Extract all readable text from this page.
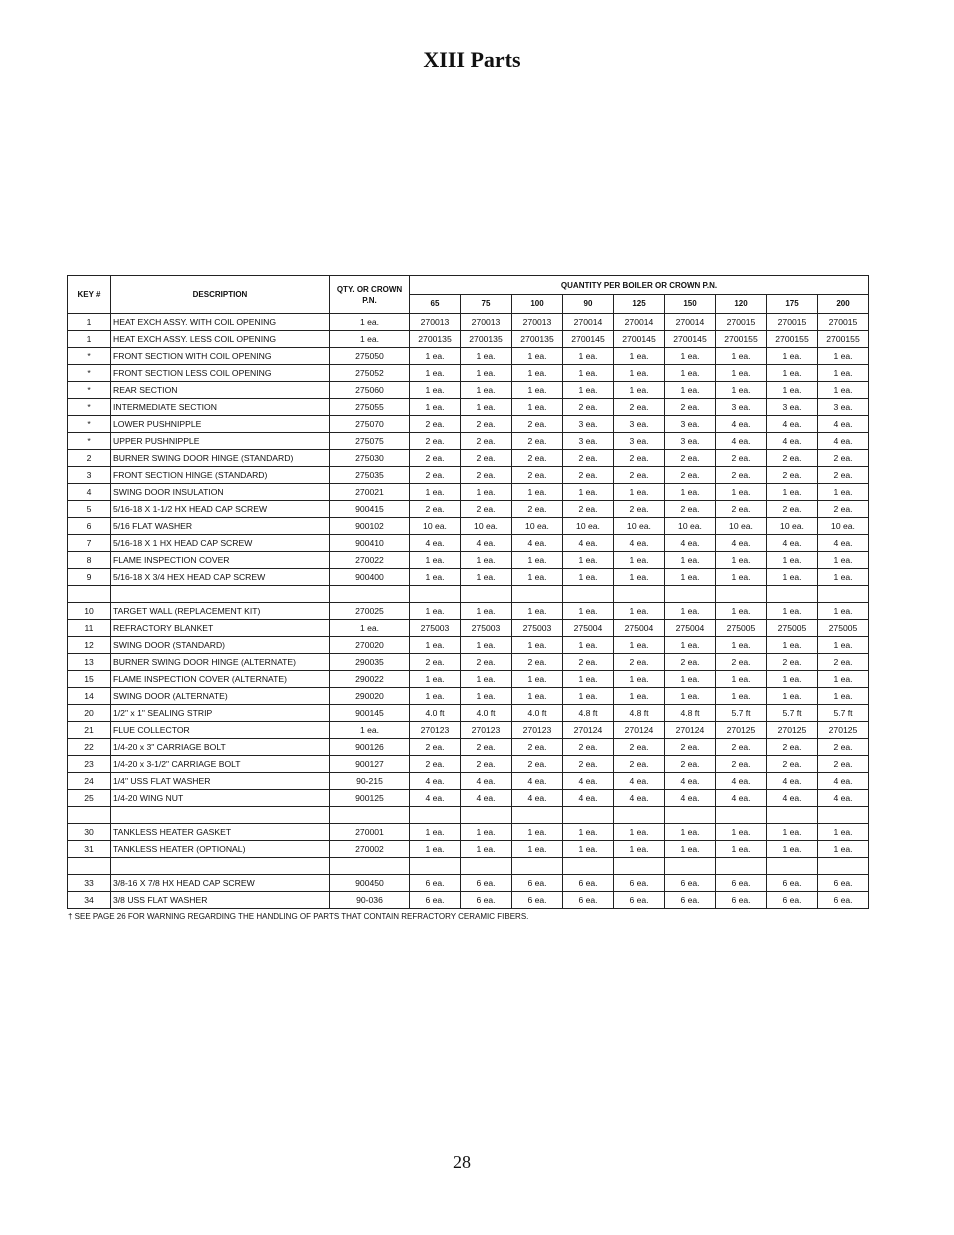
XIII Parts
KEY #	DESCRIPTION	QTY. OR CROWN
P.N.	QUANTITY PER BOILER OR CROWN P.N.								
			65	75	100	90	125	150	120	175	200
1	HEAT EXCH ASSY. WITH COIL OPENING	1 ea.	270013	270013	270013	270014	270014	270014	270015	270015	270015
1	HEAT EXCH ASSY. LESS COIL OPENING	1 ea.	2700135	2700135	2700135	2700145	2700145	2700145	2700155	2700155	2700155
*	FRONT SECTION WITH COIL OPENING	275050	1 ea.	1 ea.	1 ea.	1 ea.	1 ea.	1 ea.	1 ea.	1 ea.	1 ea.
*	FRONT SECTION LESS COIL OPENING	275052	1 ea.	1 ea.	1 ea.	1 ea.	1 ea.	1 ea.	1 ea.	1 ea.	1 ea.
*	REAR SECTION	275060	1 ea.	1 ea.	1 ea.	1 ea.	1 ea.	1 ea.	1 ea.	1 ea.	1 ea.
*	INTERMEDIATE SECTION	275055	1 ea.	1 ea.	1 ea.	2 ea.	2 ea.	2 ea.	3 ea.	3 ea.	3 ea.
*	LOWER PUSHNIPPLE	275070	2 ea.	2 ea.	2 ea.	3 ea.	3 ea.	3 ea.	4 ea.	4 ea.	4 ea.
*	UPPER PUSHNIPPLE	275075	2 ea.	2 ea.	2 ea.	3 ea.	3 ea.	3 ea.	4 ea.	4 ea.	4 ea.
2	BURNER SWING DOOR HINGE (STANDARD)	275030	2 ea.	2 ea.	2 ea.	2 ea.	2 ea.	2 ea.	2 ea.	2 ea.	2 ea.
3	FRONT SECTION HINGE (STANDARD)	275035	2 ea.	2 ea.	2 ea.	2 ea.	2 ea.	2 ea.	2 ea.	2 ea.	2 ea.
4	SWING DOOR INSULATION	270021	1 ea.	1 ea.	1 ea.	1 ea.	1 ea.	1 ea.	1 ea.	1 ea.	1 ea.
5	5/16-18 X 1-1/2 HX HEAD CAP SCREW	900415	2 ea.	2 ea.	2 ea.	2 ea.	2 ea.	2 ea.	2 ea.	2 ea.	2 ea.
6	5/16 FLAT WASHER	900102	10 ea.	10 ea.	10 ea.	10 ea.	10 ea.	10 ea.	10 ea.	10 ea.	10 ea.
7	5/16-18 X 1 HX HEAD CAP SCREW	900410	4 ea.	4 ea.	4 ea.	4 ea.	4 ea.	4 ea.	4 ea.	4 ea.	4 ea.
8	FLAME INSPECTION COVER	270022	1 ea.	1 ea.	1 ea.	1 ea.	1 ea.	1 ea.	1 ea.	1 ea.	1 ea.
9	5/16-18 X 3/4 HEX HEAD CAP SCREW	900400	1 ea.	1 ea.	1 ea.	1 ea.	1 ea.	1 ea.	1 ea.	1 ea.	1 ea.

10	TARGET WALL (REPLACEMENT KIT)	270025	1 ea.	1 ea.	1 ea.	1 ea.	1 ea.	1 ea.	1 ea.	1 ea.	1 ea.
11	REFRACTORY BLANKET	1 ea.	275003	275003	275003	275004	275004	275004	275005	275005	275005
12	SWING DOOR (STANDARD)	270020	1 ea.	1 ea.	1 ea.	1 ea.	1 ea.	1 ea.	1 ea.	1 ea.	1 ea.
13	BURNER SWING DOOR HINGE (ALTERNATE)	290035	2 ea.	2 ea.	2 ea.	2 ea.	2 ea.	2 ea.	2 ea.	2 ea.	2 ea.
15	FLAME INSPECTION COVER (ALTERNATE)	290022	1 ea.	1 ea.	1 ea.	1 ea.	1 ea.	1 ea.	1 ea.	1 ea.	1 ea.
14	SWING DOOR (ALTERNATE)	290020	1 ea.	1 ea.	1 ea.	1 ea.	1 ea.	1 ea.	1 ea.	1 ea.	1 ea.
20	1/2" x 1" SEALING STRIP	900145	4.0 ft	4.0 ft	4.0 ft	4.8 ft	4.8 ft	4.8 ft	5.7 ft	5.7 ft	5.7 ft
21	FLUE COLLECTOR	1 ea.	270123	270123	270123	270124	270124	270124	270125	270125	270125
22	1/4-20 x 3" CARRIAGE BOLT	900126	2 ea.	2 ea.	2 ea.	2 ea.	2 ea.	2 ea.	2 ea.	2 ea.	2 ea.
23	1/4-20 x 3-1/2" CARRIAGE BOLT	900127	2 ea.	2 ea.	2 ea.	2 ea.	2 ea.	2 ea.	2 ea.	2 ea.	2 ea.
24	1/4" USS FLAT WASHER	90-215	4 ea.	4 ea.	4 ea.	4 ea.	4 ea.	4 ea.	4 ea.	4 ea.	4 ea.
25	1/4-20 WING NUT	900125	4 ea.	4 ea.	4 ea.	4 ea.	4 ea.	4 ea.	4 ea.	4 ea.	4 ea.

30	TANKLESS HEATER GASKET	270001	1 ea.	1 ea.	1 ea.	1 ea.	1 ea.	1 ea.	1 ea.	1 ea.	1 ea.
31	TANKLESS HEATER (OPTIONAL)	270002	1 ea.	1 ea.	1 ea.	1 ea.	1 ea.	1 ea.	1 ea.	1 ea.	1 ea.

33	3/8-16 X 7/8 HX HEAD CAP SCREW	900450	6 ea.	6 ea.	6 ea.	6 ea.	6 ea.	6 ea.	6 ea.	6 ea.	6 ea.
34	3/8 USS FLAT WASHER	90-036	6 ea.	6 ea.	6 ea.	6 ea.	6 ea.	6 ea.	6 ea.	6 ea.	6 ea.
† SEE PAGE 26 FOR WARNING REGARDING THE HANDLING OF PARTS THAT CONTAIN REFRACTORY CERAMIC FIBERS.
28
